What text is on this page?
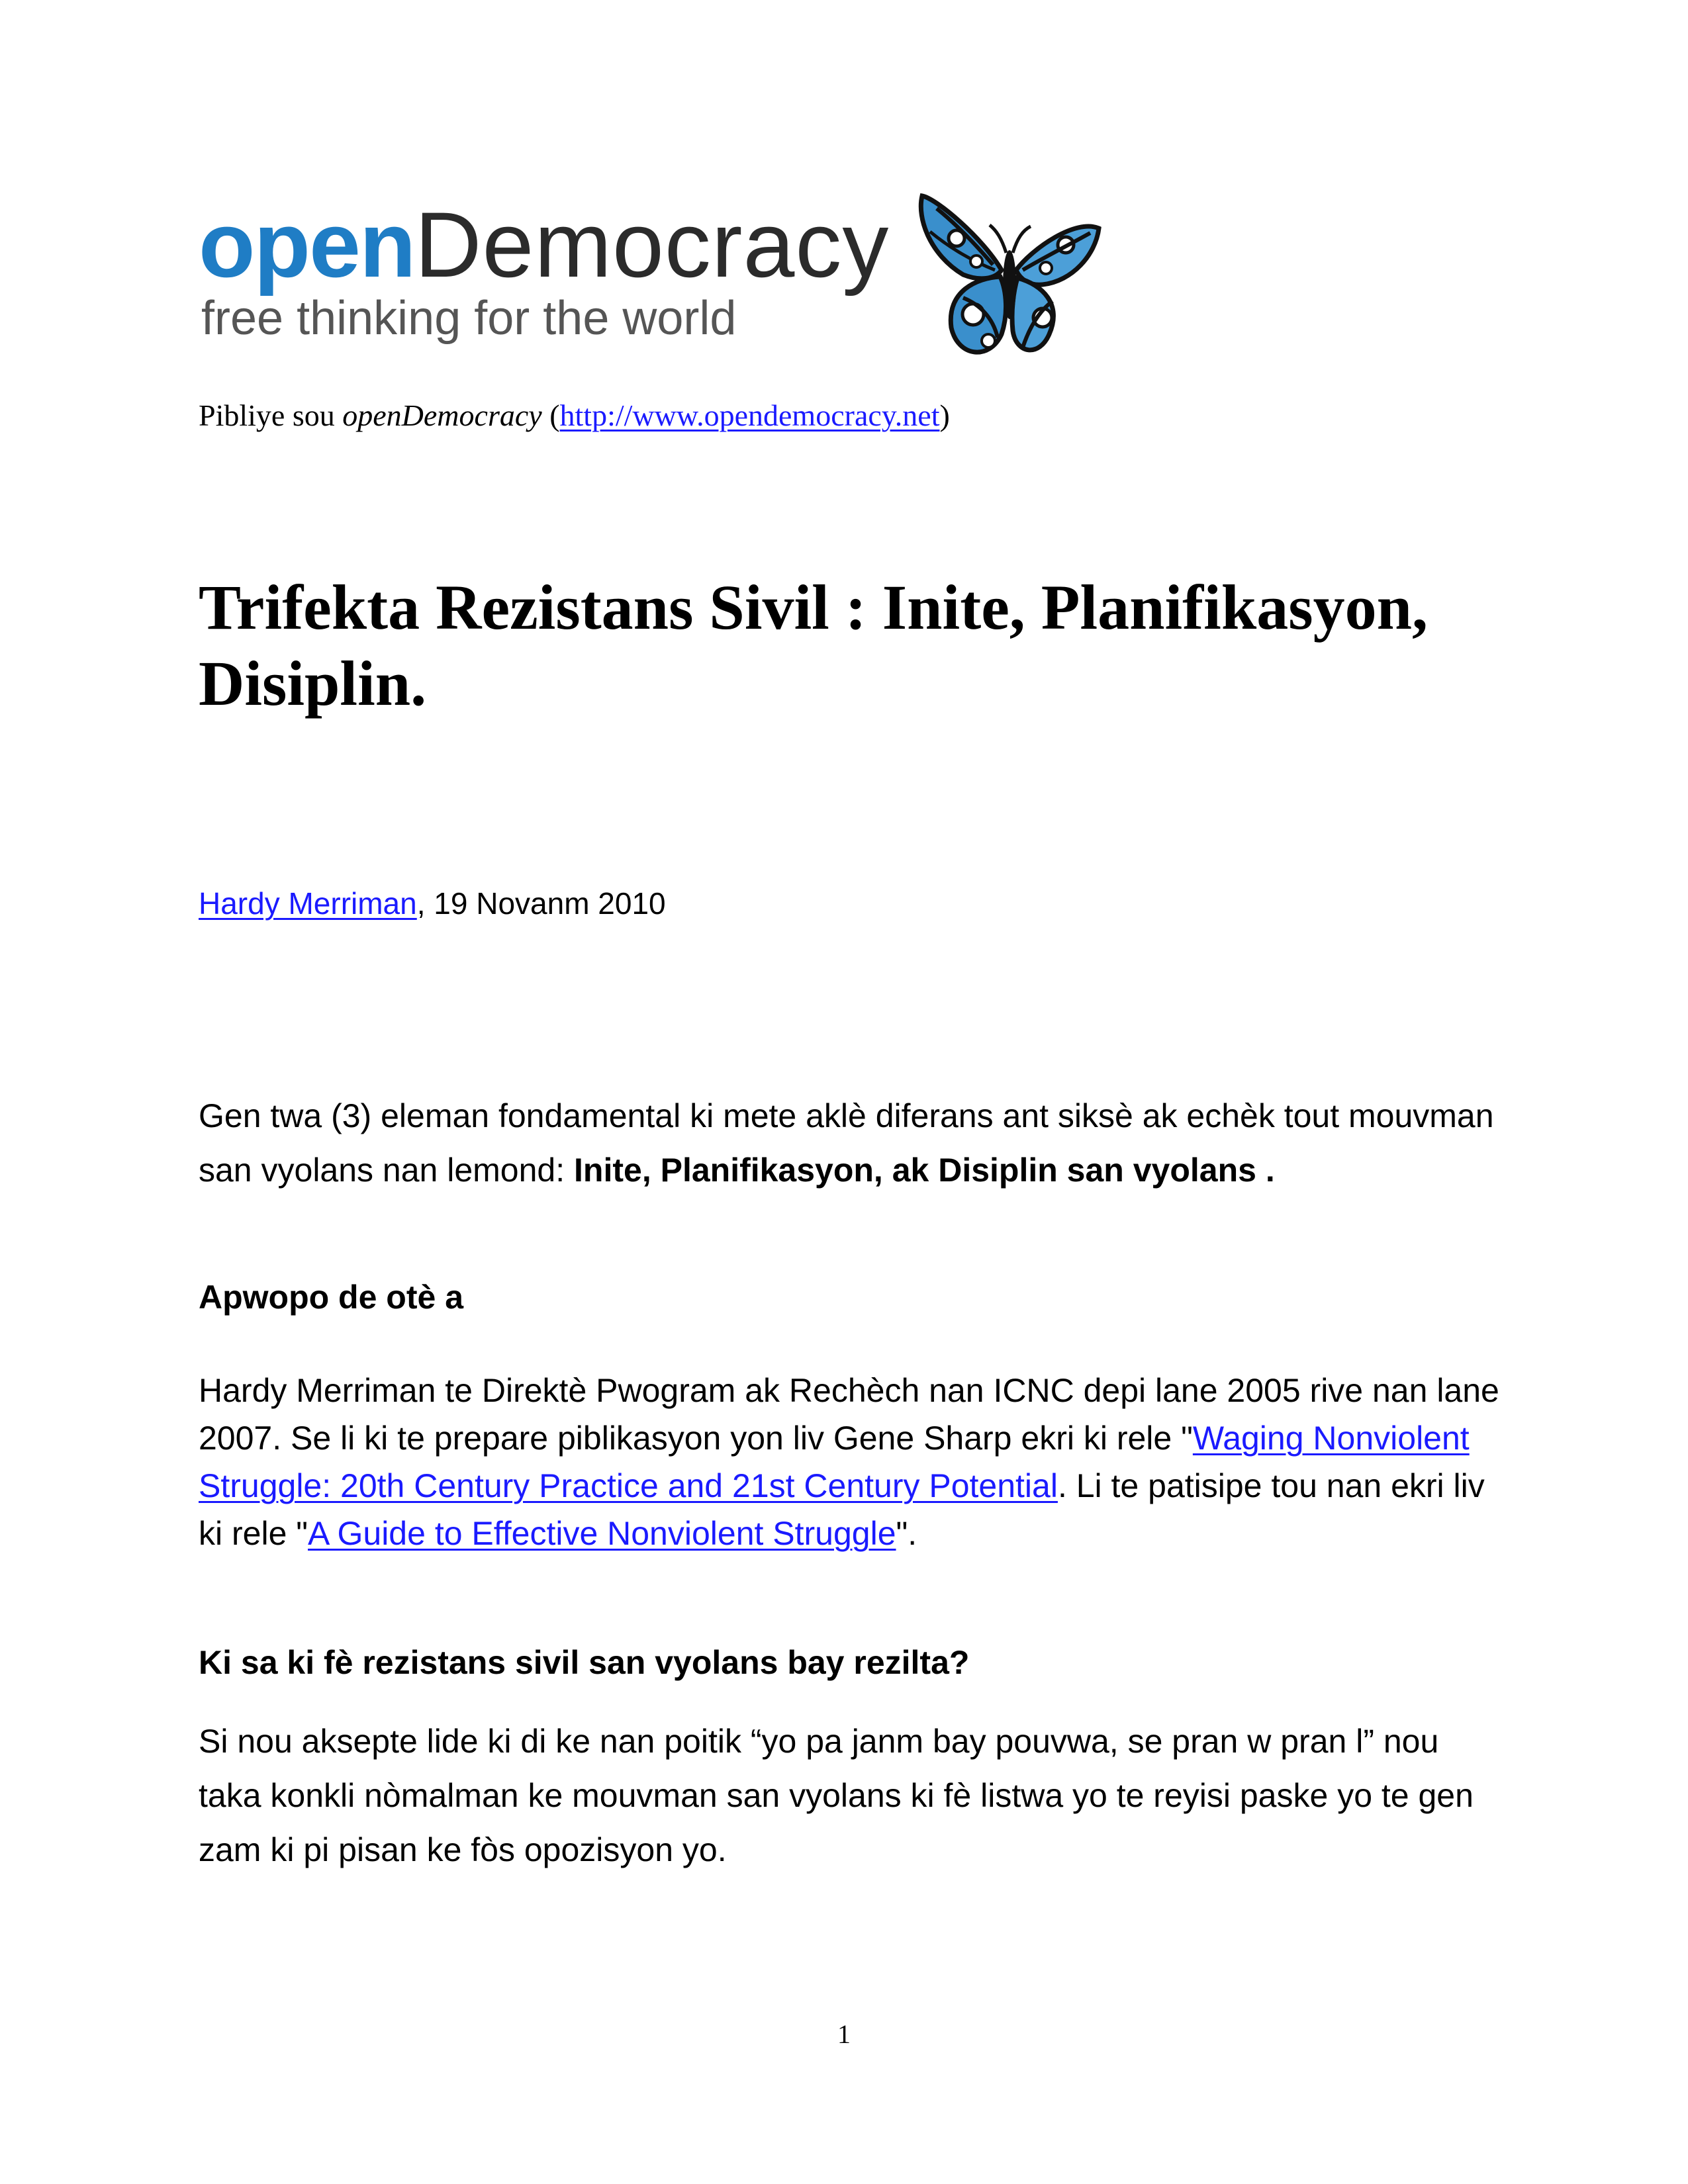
openDemocracy
free thinking for the world
Pibliye sou openDemocracy (http://www.opendemocracy.net)
Trifekta Rezistans Sivil : Inite, Planifikasyon, Disiplin.
Hardy Merriman, 19 Novanm 2010
Gen twa (3) eleman fondamental ki mete aklè diferans ant siksè ak echèk tout mouvman san vyolans nan lemond: Inite, Planifikasyon, ak Disiplin san vyolans .
Apwopo de otè a
Hardy Merriman te Direktè Pwogram ak Rechèch nan ICNC depi lane 2005 rive nan lane 2007. Se li ki te prepare piblikasyon yon liv Gene Sharp ekri ki rele "Waging Nonviolent Struggle: 20th Century Practice and 21st Century Potential. Li te patisipe tou nan ekri liv ki rele "A Guide to Effective Nonviolent Struggle".
Ki sa ki fè rezistans sivil san vyolans bay rezilta?
Si nou aksepte lide ki di ke nan poitik “yo pa janm bay pouvwa, se pran w pran l” nou taka konkli nòmalman ke mouvman san vyolans ki fè listwa yo te reyisi paske yo te gen zam ki pi pisan ke fòs opozisyon yo.
1
